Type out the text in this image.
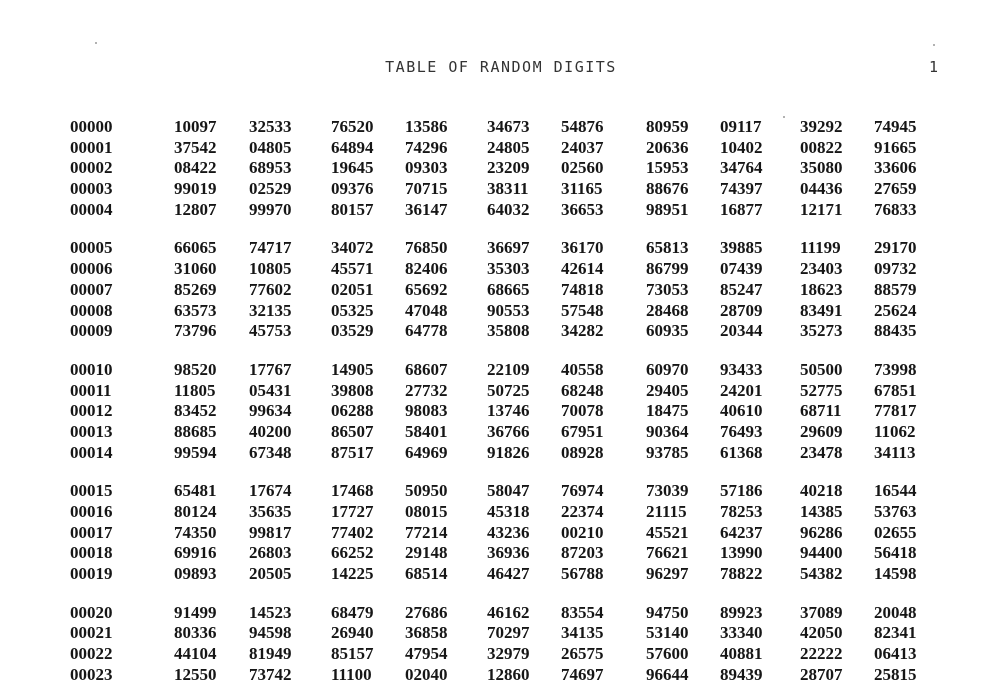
TABLE OF RANDOM DIGITS	1
00000	10097 32533 76520 13586 34673 54876	80959 09117 39292 74945
00001	37542 04805 64894 74296 24805 24037	20636 10402 00822 91665
00002	08422 68953 19645 09303 23209 02560	15953 34764 35080 33606
00003	99019 02529 09376 70715 38311 31165	88676 74397 04436 27659
00004	12807 99970 80157 36147 64032 36653	98951 16877 12171 76833
00005	66065 74717 34072 76850 36697 36170	65813 39885 11199 29170
00006	31060 10805 45571 82406 35303 42614	86799 07439 23403 09732
00007	85269 77602 02051 65692 68665 74818	73053 85247 18623 88579
00008	63573 32135 05325 47048 90553 57548	28468 28709 83491 25624
00009	73796 45753 03529 64778 35808 34282	60935 20344 35273 88435
00010	98520 17767 14905 68607 22109 40558	60970 93433 50500 73998
00011	11805 05431 39808 27732 50725 68248	29405 24201 52775 67851
00012	83452 99634 06288 98083 13746 70078	18475 40610 68711 77817
00013	88685 40200 86507 58401 36766 67951	90364 76493 29609 11062
00014	99594 67348 87517 64969 91826 08928	93785 61368 23478 34113
00015	65481 17674 17468 50950 58047 76974	73039 57186 40218 16544
00016	80124 35635 17727 08015 45318 22374	21115 78253 14385 53763
00017	74350 99817 77402 77214 43236 00210	45521 64237 96286 02655
00018	69916 26803 66252 29148 36936 87203	76621 13990 94400 56418
00019	09893 20505 14225 68514 46427 56788	96297 78822 54382 14598
00020	91499 14523 68479 27686 46162 83554	94750 89923 37089 20048
00021	80336 94598 26940 36858 70297 34135	53140 33340 42050 82341
00022	44104 81949 85157 47954 32979 26575	57600 40881 22222 06413
00023	12550 73742 11100 02040 12860 74697	96644 89439 28707 25815
